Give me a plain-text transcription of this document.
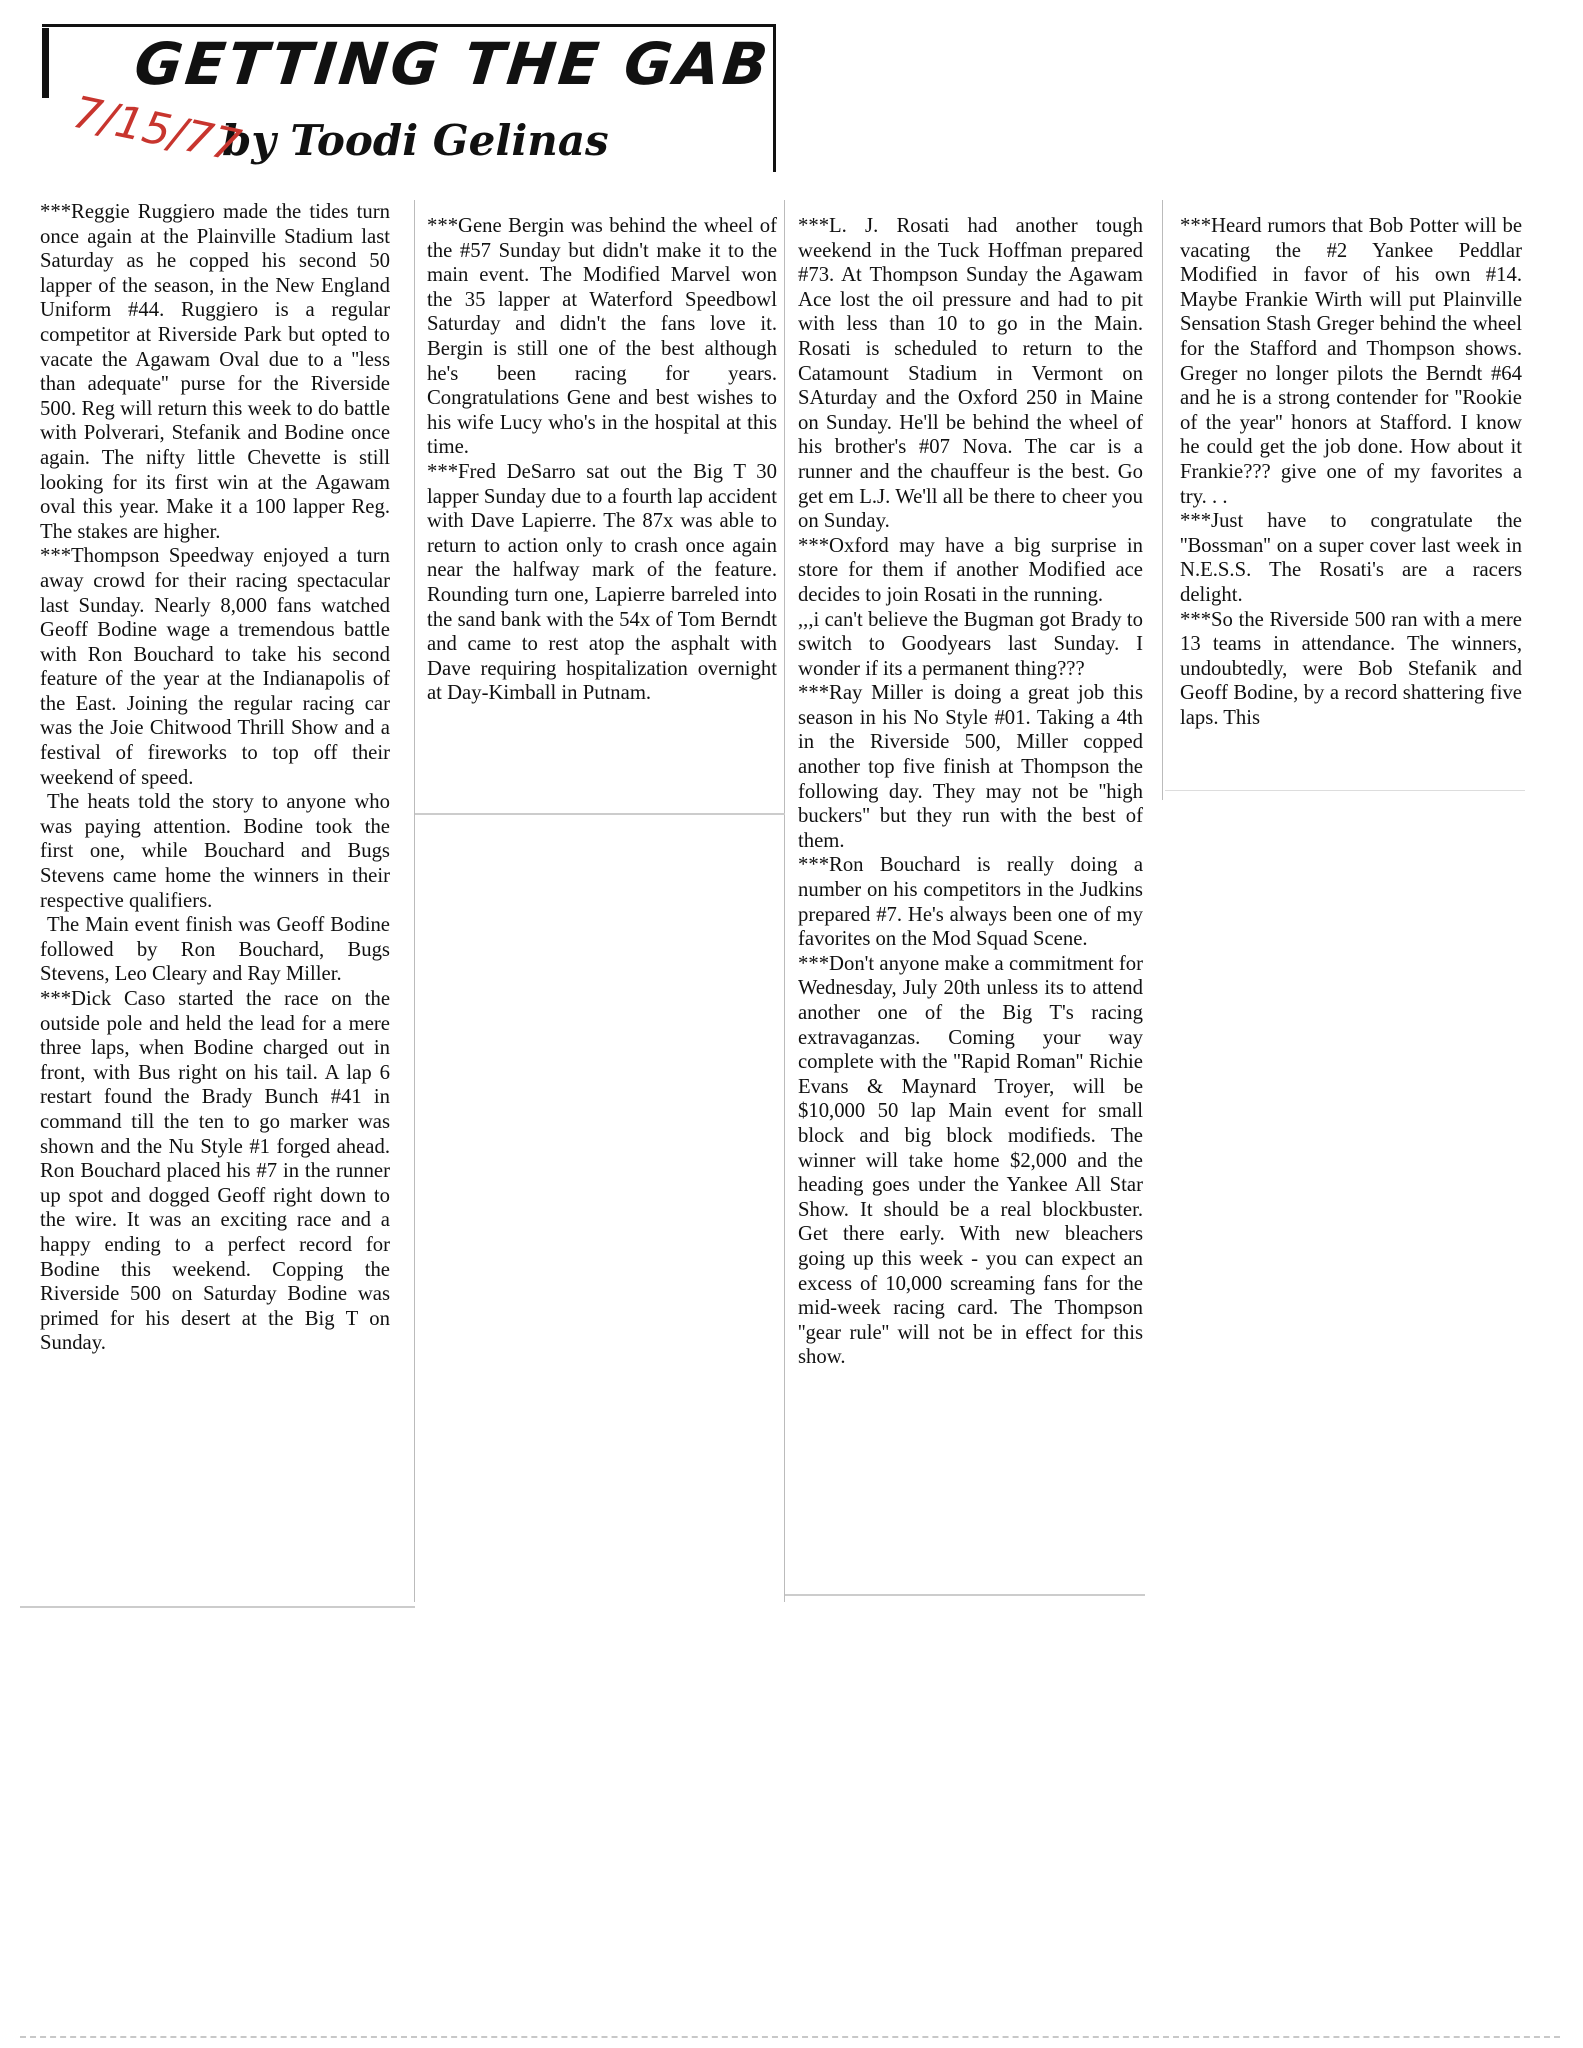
GETTING THE GAB
by Toodi Gelinas
7/15/77

***Reggie Ruggiero made the tides turn once again at the Plainville Stadium last Saturday as he copped his second 50 lapper of the season, in the New England Uniform #44. Ruggiero is a regular competitor at Riverside Park but opted to vacate the Agawam Oval due to a ''less than adequate'' purse for the Riverside 500. Reg will return this week to do battle with Polverari, Stefanik and Bodine once again. The nifty little Chevette is still looking for its first win at the Agawam oval this year. Make it a 100 lapper Reg. The stakes are higher.

***Thompson Speedway enjoyed a turn away crowd for their racing spectacular last Sunday. Nearly 8,000 fans watched Geoff Bodine wage a tremendous battle with Ron Bouchard to take his second feature of the year at the Indianapolis of the East. Joining the regular racing car was the Joie Chitwood Thrill Show and a festival of fireworks to top off their weekend of speed.

The heats told the story to anyone who was paying attention. Bodine took the first one, while Bouchard and Bugs Stevens came home the winners in their respective qualifiers.

The Main event finish was Geoff Bodine followed by Ron Bouchard, Bugs Stevens, Leo Cleary and Ray Miller.

***Dick Caso started the race on the outside pole and held the lead for a mere three laps, when Bodine charged out in front, with Bus right on his tail. A lap 6 restart found the Brady Bunch #41 in command till the ten to go marker was shown and the Nu Style #1 forged ahead. Ron Bouchard placed his #7 in the runner up spot and dogged Geoff right down to the wire. It was an exciting race and a happy ending to a perfect record for Bodine this weekend. Copping the Riverside 500 on Saturday Bodine was primed for his desert at the Big T on Sunday.

***Gene Bergin was behind the wheel of the #57 Sunday but didn't make it to the main event. The Modified Marvel won the 35 lapper at Waterford Speedbowl Saturday and didn't the fans love it. Bergin is still one of the best although he's been racing for years. Congratulations Gene and best wishes to his wife Lucy who's in the hospital at this time.

***Fred DeSarro sat out the Big T 30 lapper Sunday due to a fourth lap accident with Dave Lapierre. The 87x was able to return to action only to crash once again near the halfway mark of the feature. Rounding turn one, Lapierre barreled into the sand bank with the 54x of Tom Berndt and came to rest atop the asphalt with Dave requiring hospitalization overnight at Day-Kimball in Putnam.

***L. J. Rosati had another tough weekend in the Tuck Hoffman prepared #73. At Thompson Sunday the Agawam Ace lost the oil pressure and had to pit with less than 10 to go in the Main. Rosati is scheduled to return to the Catamount Stadium in Vermont on SAturday and the Oxford 250 in Maine on Sunday. He'll be behind the wheel of his brother's #07 Nova. The car is a runner and the chauffeur is the best. Go get em L.J. We'll all be there to cheer you on Sunday.

***Oxford may have a big surprise in store for them if another Modified ace decides to join Rosati in the running.

,,,i can't believe the Bugman got Brady to switch to Goodyears last Sunday. I wonder if its a permanent thing???

***Ray Miller is doing a great job this season in his No Style #01. Taking a 4th in the Riverside 500, Miller copped another top five finish at Thompson the following day. They may not be ''high buckers'' but they run with the best of them.

***Ron Bouchard is really doing a number on his competitors in the Judkins prepared #7. He's always been one of my favorites on the Mod Squad Scene.

***Don't anyone make a commitment for Wednesday, July 20th unless its to attend another one of the Big T's racing extravaganzas. Coming your way complete with the ''Rapid Roman'' Richie Evans & Maynard Troyer, will be $10,000 50 lap Main event for small block and big block modifieds. The winner will take home $2,000 and the heading goes under the Yankee All Star Show. It should be a real blockbuster. Get there early. With new bleachers going up this week - you can expect an excess of 10,000 screaming fans for the mid-week racing card. The Thompson ''gear rule'' will not be in effect for this show.

***Heard rumors that Bob Potter will be vacating the #2 Yankee Peddlar Modified in favor of his own #14. Maybe Frankie Wirth will put Plainville Sensation Stash Greger behind the wheel for the Stafford and Thompson shows. Greger no longer pilots the Berndt #64 and he is a strong contender for ''Rookie of the year'' honors at Stafford. I know he could get the job done. How about it Frankie??? give one of my favorites a try. . .

***Just have to congratulate the ''Bossman'' on a super cover last week in N.E.S.S. The Rosati's are a racers delight.

***So the Riverside 500 ran with a mere 13 teams in attendance. The winners, undoubtedly, were Bob Stefanik and Geoff Bodine, by a record shattering five laps. This
